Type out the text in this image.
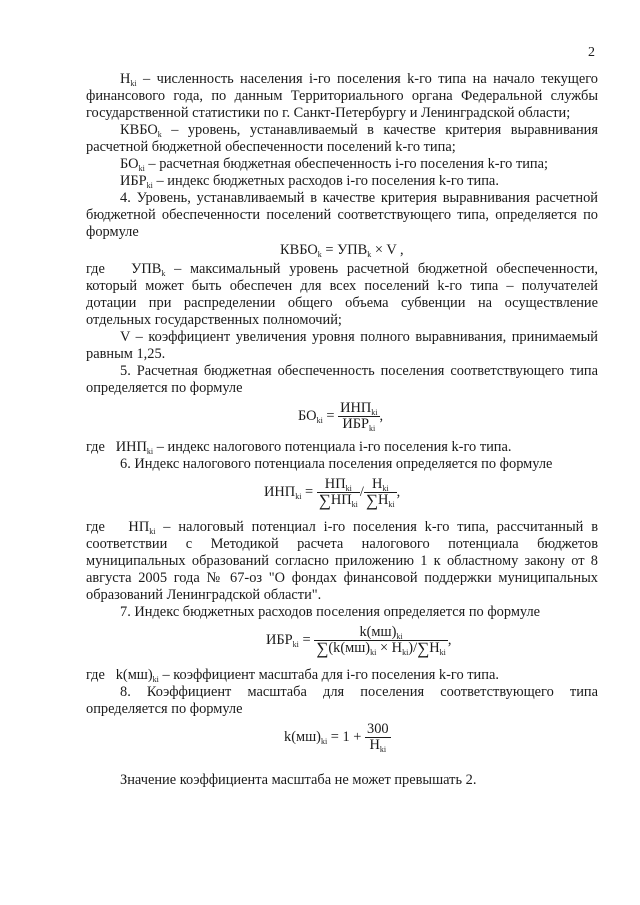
2

$Н_{ki}$ – численность населения i-го поселения k-го типа на начало текущего финансового года, по данным Территориального органа Федеральной службы государственной статистики по г. Санкт-Петербургу и Ленинградской области;

$КВБО_k$ – уровень, устанавливаемый в качестве критерия выравнивания расчетной бюджетной обеспеченности поселений k-го типа;

$БО_{ki}$ – расчетная бюджетная обеспеченность i-го поселения k-го типа;

$ИБР_{ki}$ – индекс бюджетных расходов i-го поселения k-го типа.

4. Уровень, устанавливаемый в качестве критерия выравнивания расчетной бюджетной обеспеченности поселений соответствующего типа, определяется по формуле

$КВБО_k = УПВ_k \times V$ ,

где $УПВ_k$ – максимальный уровень расчетной бюджетной обеспеченности, который может быть обеспечен для всех поселений k-го типа – получателей дотации при распределении общего объема субвенции на осуществление отдельных государственных полномочий;

V – коэффициент увеличения уровня полного выравнивания, принимаемый равным 1,25.

5. Расчетная бюджетная обеспеченность поселения соответствующего типа определяется по формуле

$БО_{ki} = \frac{ИНП_{ki}}{ИБР_{ki}}$ ,

где $ИНП_{ki}$ – индекс налогового потенциала i-го поселения k-го типа.

6. Индекс налогового потенциала поселения определяется по формуле

$ИНП_{ki} = \frac{НП_{ki}}{\sum НП_{ki}} / \frac{Н_{ki}}{\sum Н_{ki}}$ ,

где $НП_{ki}$ – налоговый потенциал i-го поселения k-го типа, рассчитанный в соответствии с Методикой расчета налогового потенциала бюджетов муниципальных образований согласно приложению 1 к областному закону от 8 августа 2005 года № 67-оз "О фондах финансовой поддержки муниципальных образований Ленинградской области".

7. Индекс бюджетных расходов поселения определяется по формуле

$ИБР_{ki} = \frac{k(мш)_{ki}}{\sum(k(мш)_{ki} \times Н_{ki})/\sum Н_{ki}}$ ,

где $k(мш)_{ki}$ – коэффициент масштаба для i-го поселения k-го типа.

8. Коэффициент масштаба для поселения соответствующего типа определяется по формуле

$k(мш)_{ki} = 1 + \frac{300}{Н_{ki}}$

Значение коэффициента масштаба не может превышать 2.
